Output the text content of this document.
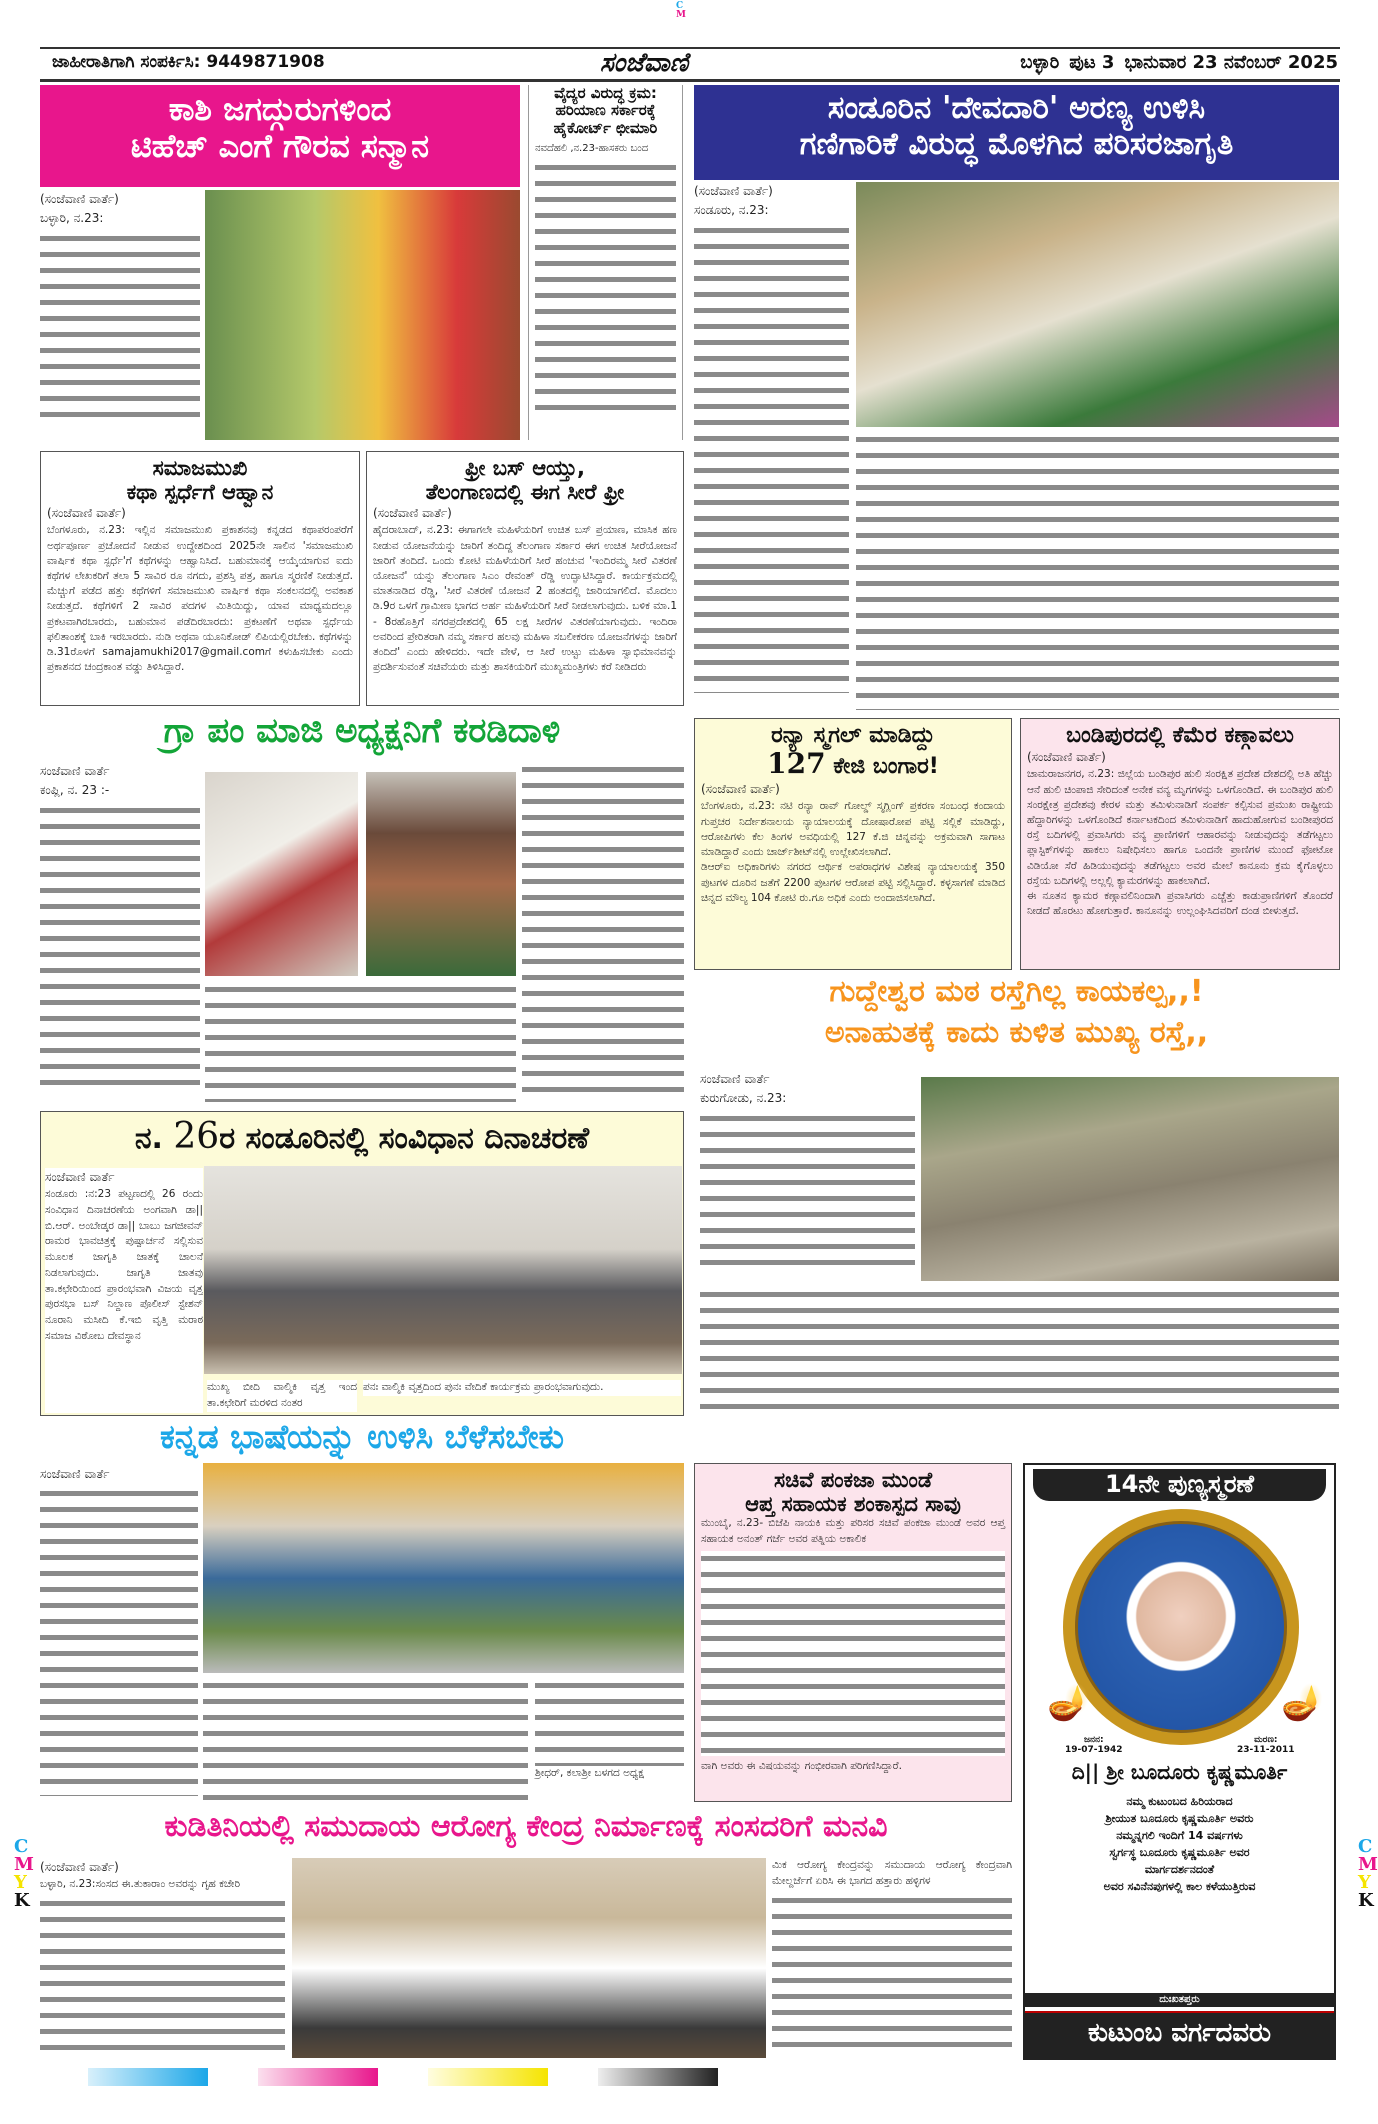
C
M
C
M
Y
K
C
M
Y
K
ಜಾಹೀರಾತಿಗಾಗಿ ಸಂಪರ್ಕಿಸಿ: 9449871908	ಸಂಜೆವಾಣಿ	ಬಳ್ಳಾರಿ ಪುಟ 3 ಭಾನುವಾರ 23 ನವೆಂಬರ್ 2025
ಕಾಶಿ ಜಗದ್ಗುರುಗಳಿಂದ
ಟಿಹೆಚ್ ಎಂಗೆ ಗೌರವ ಸನ್ಮಾನ
(ಸಂಜೆವಾಣಿ ವಾರ್ತೆ)
ಬಳ್ಳಾರಿ, ನ.23:
ವೈದ್ಯರ ವಿರುದ್ಧ ಕ್ರಮ: ಹರಿಯಾಣ ಸರ್ಕಾರಕ್ಕೆ ಹೈಕೋರ್ಟ್ ಛೀಮಾರಿ
ನವದೆಹಲಿ ,ನ.23-ಹಾಸಕರು ಬಂದ
ಸಂಡೂರಿನ 'ದೇವದಾರಿ' ಅರಣ್ಯ ಉಳಿಸಿ
ಗಣಿಗಾರಿಕೆ ವಿರುದ್ಧ ಮೊಳಗಿದ ಪರಿಸರಜಾಗೃತಿ
(ಸಂಜೆವಾಣಿ ವಾರ್ತೆ)
ಸಂಡೂರು, ನ.23:
ಸಮಾಜಮುಖಿ
ಕಥಾ ಸ್ಪರ್ಧೆಗೆ ಆಹ್ವಾನ
(ಸಂಜೆವಾಣಿ ವಾರ್ತೆ)
ಬೆಂಗಳೂರು, ನ.23: ಇಲ್ಲಿನ ಸಮಾಜಮುಖಿ ಪ್ರಕಾಶನವು ಕನ್ನಡದ ಕಥಾಪರಂಪರೆಗೆ ಅರ್ಥಪೂರ್ಣ ಪ್ರಚೋದನೆ ನೀಡುವ ಉದ್ದೇಶದಿಂದ 2025ನೇ ಸಾಲಿನ 'ಸಮಾಜಮುಖಿ ವಾರ್ಷಿಕ ಕಥಾ ಸ್ಪರ್ಧೆ'ಗೆ ಕಥೆಗಳನ್ನು ಆಹ್ವಾನಿಸಿದೆ. ಬಹುಮಾನಕ್ಕೆ ಆಯ್ಕೆಯಾಗುವ ಐದು ಕಥೆಗಳ ಲೇಖಕರಿಗೆ ತಲಾ 5 ಸಾವಿರ ರೂ ನಗದು, ಪ್ರಶಸ್ತಿ ಪತ್ರ, ಹಾಗೂ ಸ್ಮರಣಿಕೆ ನೀಡುತ್ತದೆ. ಮೆಚ್ಚುಗೆ ಪಡೆದ ಹತ್ತು ಕಥೆಗಳಿಗೆ ಸಮಾಜಮುಖಿ ವಾರ್ಷಿಕ ಕಥಾ ಸಂಕಲನದಲ್ಲಿ ಅವಕಾಶ ನೀಡುತ್ತದೆ. ಕಥೆಗಳಿಗೆ 2 ಸಾವಿರ ಪದಗಳ ಮಿತಿಯಿದ್ದು, ಯಾವ ಮಾಧ್ಯಮದಲ್ಲೂ ಪ್ರಕಟವಾಗಿರಬಾರದು, ಬಹುಮಾನ ಪಡೆದಿರಬಾರದು: ಪ್ರಕಟಣೆಗೆ ಅಥವಾ ಸ್ಪರ್ಧೆಯ ಫಲಿತಾಂಶಕ್ಕೆ ಬಾಕಿ ಇರಬಾರದು. ನುಡಿ ಅಥವಾ ಯೂನಿಕೋಡ್ ಲಿಪಿಯಲ್ಲಿರಬೇಕು. ಕಥೆಗಳನ್ನು ಡಿ.31ರೊಳಗೆ samajamukhi2017@gmail.comಗೆ ಕಳುಹಿಸಬೇಕು ಎಂದು ಪ್ರಕಾಶನದ ಚಂದ್ರಕಾಂತ ವಡ್ಡು ತಿಳಿಸಿದ್ದಾರೆ.
ಫ್ರೀ ಬಸ್ ಆಯ್ತು,
ತೆಲಂಗಾಣದಲ್ಲಿ ಈಗ ಸೀರೆ ಫ್ರೀ
(ಸಂಜೆವಾಣಿ ವಾರ್ತೆ)
ಹೈದರಾಬಾದ್, ನ.23: ಈಗಾಗಲೇ ಮಹಿಳೆಯರಿಗೆ ಉಚಿತ ಬಸ್ ಪ್ರಯಾಣ, ಮಾಸಿಕ ಹಣ ನೀಡುವ ಯೋಜನೆಯನ್ನು ಜಾರಿಗೆ ತಂದಿದ್ದ ತೆಲಂಗಾಣ ಸರ್ಕಾರ ಈಗ ಉಚಿತ ಸೀರೆಯೋಜನೆ ಜಾರಿಗೆ ತಂದಿದೆ. ಒಂದು ಕೋಟಿ ಮಹಿಳೆಯರಿಗೆ ಸೀರೆ ಹಂಚುವ 'ಇಂದಿರಮ್ಮ ಸೀರೆ ವಿತರಣೆ ಯೋಜನೆ' ಯನ್ನು ತೆಲಂಗಾಣ ಸಿಎಂ ರೇವಂತ್ ರೆಡ್ಡಿ ಉದ್ಘಾಟಿಸಿದ್ದಾರೆ. ಕಾರ್ಯಕ್ರಮದಲ್ಲಿ ಮಾತನಾಡಿದ ರೆಡ್ಡಿ, 'ಸೀರೆ ವಿತರಣೆ ಯೋಜನೆ 2 ಹಂತದಲ್ಲಿ ಜಾರಿಯಾಗಲಿದೆ. ಮೊದಲು ಡಿ.9ರ ಒಳಗೆ ಗ್ರಾಮೀಣ ಭಾಗದ ಅರ್ಹ ಮಹಿಳೆಯರಿಗೆ ಸೀರೆ ನೀಡಲಾಗುವುದು. ಬಳಿಕ ಮಾ.1 - 8ರಹೊತ್ತಿಗೆ ನಗರಪ್ರದೇಶದಲ್ಲಿ 65 ಲಕ್ಷ ಸೀರೆಗಳ ವಿತರಣೆಯಾಗುವುದು. ಇಂದಿರಾ ಅವರಿಂದ ಪ್ರೇರಿತರಾಗಿ ನಮ್ಮ ಸರ್ಕಾರ ಹಲವು ಮಹಿಳಾ ಸಬಲೀಕರಣ ಯೋಜನೆಗಳನ್ನು ಜಾರಿಗೆ ತಂದಿದೆ' ಎಂದು ಹೇಳಿದರು. ಇದೇ ವೇಳೆ, ಆ ಸೀರೆ ಉಟ್ಟು ಮಹಿಳಾ ಸ್ವಾಭಿಮಾನವನ್ನು ಪ್ರದರ್ಶಿಸುವಂತೆ ಸಚಿವೆಯರು ಮತ್ತು ಶಾಸಕಿಯರಿಗೆ ಮುಖ್ಯಮಂತ್ರಿಗಳು ಕರೆ ನೀಡಿದರು
ಗ್ರಾ ಪಂ ಮಾಜಿ ಅಧ್ಯಕ್ಷನಿಗೆ ಕರಡಿದಾಳಿ
ಸಂಜೆವಾಣಿ ವಾರ್ತೆ
ಕಂಪ್ಲಿ, ನ. 23 :-
ರನ್ಯಾ ಸ್ಮಗಲ್ ಮಾಡಿದ್ದು
127 ಕೇಜಿ ಬಂಗಾರ!
(ಸಂಜೆವಾಣಿ ವಾರ್ತೆ)
ಬೆಂಗಳೂರು, ನ.23: ನಟಿ ರನ್ಯಾ ರಾವ್ ಗೋಲ್ಡ್ ಸ್ಮಗ್ಲಿಂಗ್ ಪ್ರಕರಣ ಸಂಬಂಧ ಕಂದಾಯ ಗುಪ್ತಚರ ನಿರ್ದೇಶನಾಲಯ ನ್ಯಾಯಾಲಯಕ್ಕೆ ದೋಷಾರೋಪ ಪಟ್ಟಿ ಸಲ್ಲಿಕೆ ಮಾಡಿದ್ದು, ಆರೋಪಿಗಳು ಕೆಲ ತಿಂಗಳ ಅವಧಿಯಲ್ಲಿ 127 ಕೆ.ಜಿ ಚಿನ್ನವನ್ನು ಅಕ್ರಮವಾಗಿ ಸಾಗಾಟ ಮಾಡಿದ್ದಾರೆ ಎಂದು ಚಾರ್ಜ್‌ಶೀಟ್‌ನಲ್ಲಿ ಉಲ್ಲೇಖಿಸಲಾಗಿದೆ.
ಡಿಆರ್‌ಐ ಅಧಿಕಾರಿಗಳು ನಗರದ ಆರ್ಥಿಕ ಅಪರಾಧಗಳ ವಿಶೇಷ ನ್ಯಾಯಾಲಯಕ್ಕೆ 350 ಪುಟಗಳ ದೂರಿನ ಜತೆಗೆ 2200 ಪುಟಗಳ ಆರೋಪ ಪಟ್ಟಿ ಸಲ್ಲಿಸಿದ್ದಾರೆ. ಕಳ್ಳಸಾಗಣೆ ಮಾಡಿದ ಚಿನ್ನದ ಮೌಲ್ಯ 104 ಕೋಟಿ ರು.ಗೂ ಅಧಿಕ ಎಂದು ಅಂದಾಜಿಸಲಾಗಿದೆ.
ಬಂಡಿಪುರದಲ್ಲಿ ಕೆಮೆರ ಕಣ್ಗಾವಲು
(ಸಂಜೆವಾಣಿ ವಾರ್ತೆ)
ಚಾಮರಾಜನಗರ, ನ.23: ಜಿಲ್ಲೆಯ ಬಂಡಿಪುರ ಹುಲಿ ಸಂರಕ್ಷಿತ ಪ್ರದೇಶ ದೇಶದಲ್ಲಿ ಅತಿ ಹೆಚ್ಚು ಆನೆ ಹುಲಿ ಚಿಂಪಾಜಿ ಸೇರಿದಂತೆ ಅನೇಕ ವನ್ಯ ಮೃಗಗಳನ್ನು ಒಳಗೊಂಡಿದೆ. ಈ ಬಂಡಿಪುರ ಹುಲಿ ಸಂರಕ್ಷೇತ್ರ ಪ್ರದೇಶವು ಕೇರಳ ಮತ್ತು ತಮಿಳುನಾಡಿಗೆ ಸಂಪರ್ಕ ಕಲ್ಪಿಸುವ ಪ್ರಮುಖ ರಾಷ್ಟ್ರೀಯ ಹೆದ್ದಾರಿಗಳನ್ನು ಒಳಗೊಂಡಿದೆ ಕರ್ನಾಟಕದಿಂದ ತಮಿಳುನಾಡಿಗೆ ಹಾದುಹೋಗುವ ಬಂಡೀಪುರದ ರಸ್ತೆ ಬದಿಗಳಲ್ಲಿ ಪ್ರವಾಸಿಗರು ವನ್ಯ ಪ್ರಾಣಿಗಳಿಗೆ ಆಹಾರವನ್ನು ನೀಡುವುದನ್ನು ತಡೆಗಟ್ಟಲು ಪ್ಲಾಸ್ಟಿಕ್‌ಗಳನ್ನು ಹಾಕಲು ನಿಷೇಧಿಸಲು ಹಾಗೂ ಒಂದನೇ ಪ್ರಾಣಿಗಳ ಮುಂದೆ ಫೋಟೋ ವಿಡಿಯೋ ಸೆರೆ ಹಿಡಿಯುವುದನ್ನು ತಡೆಗಟ್ಟಲು ಅವರ ಮೇಲೆ ಕಾನೂನು ಕ್ರಮ ಕೈಗೊಳ್ಳಲು ರಸ್ತೆಯ ಬದಿಗಳಲ್ಲಿ ಅಲ್ಲಲ್ಲಿ ಕ್ಯಾಮರಗಳನ್ನು ಹಾಕಲಾಗಿದೆ.
ಈ ನೂತನ ಕ್ಯಾಮರ ಕಣ್ಗಾವಲಿನಿಂದಾಗಿ ಪ್ರವಾಸಿಗರು ಎಚ್ಚೆತ್ತು ಕಾಡುಪ್ರಾಣಿಗಳಿಗೆ ತೊಂದರೆ ನೀಡದೆ ಹೊರಟು ಹೋಗುತ್ತಾರೆ. ಕಾನೂನನ್ನು ಉಲ್ಲಂಘಿಸಿದವರಿಗೆ ದಂಡ ಬೀಳುತ್ತದೆ.
ಗುದ್ದೇಶ್ವರ ಮಠ ರಸ್ತೆಗಿಲ್ಲ ಕಾಯಕಲ್ಪ,,!
ಅನಾಹುತಕ್ಕೆ ಕಾದು ಕುಳಿತ ಮುಖ್ಯ ರಸ್ತೆ,,
ಸಂಜೆವಾಣಿ ವಾರ್ತೆ
ಕುರುಗೋಡು, ನ.23:
ನ. 26ರ ಸಂಡೂರಿನಲ್ಲಿ ಸಂವಿಧಾನ ದಿನಾಚರಣೆ
ಸಂಜೆವಾಣಿ ವಾರ್ತೆ
ಸಂಡೂರು :ನ:23 ಪಟ್ಟಣದಲ್ಲಿ 26 ರಂದು ಸಂವಿಧಾನ ದಿನಾಚರಣೆಯ ಅಂಗವಾಗಿ ಡಾ|| ಬಿ.ಆರ್. ಅಂಬೇಡ್ಕರ ಡಾ|| ಬಾಬು ಜಗಜೀವನ್ ರಾಮರ ಭಾವಚಿತ್ರಕ್ಕೆ ಪುಷ್ಪಾರ್ಚನೆ ಸಲ್ಲಿಸುವ ಮೂಲಕ ಜಾಗೃತಿ ಜಾತಕ್ಕೆ ಚಾಲನೆ ನಿಡಲಾಗುವುದು. ಜಾಗೃತಿ ಜಾತವು ತಾ.ಕಛೇರಿಯಿಂದ ಪ್ರಾರಂಭವಾಗಿ ವಿಜಯ ವೃತ್ತ ಪುರಸಭಾ ಬಸ್ ನಿಲ್ದಾಣ ಪೊಲೀಸ್ ಸ್ಟೇಶನ್ ನೂರಾನಿ ಮಸೀದಿ ಕೆ.ಇಬಿ ವೃತ್ತಿ ಮರಾಠ ಸಮಾಜ ವಿಠೋಬ ದೇವಸ್ಥಾನ
ಮುಖ್ಯ ಬೀದಿ ವಾಲ್ಮಿಕಿ ವೃತ್ತ ಇಂದ ತಾ.ಕಛೇರಿಗೆ ಮರಳಿದ ನಂತರ
ಪನಃ ವಾಲ್ಮಿಕಿ ವೃತ್ತದಿಂದ ಪುನಃ ವೇದಿಕೆ ಕಾರ್ಯಕ್ರಮ ಪ್ರಾರಂಭವಾಗುವುದು.
ಕನ್ನಡ ಭಾಷೆಯನ್ನು ಉಳಿಸಿ ಬೆಳೆಸಬೇಕು
ಸಂಜೆವಾಣಿ ವಾರ್ತೆ
ಶ್ರೀಧರ್, ಕಲಾಶ್ರೀ ಬಳಗದ ಅಧ್ಯಕ್ಷ
ಸಚಿವೆ ಪಂಕಜಾ ಮುಂಡೆ
ಆಪ್ತ ಸಹಾಯಕ ಶಂಕಾಸ್ಪದ ಸಾವು
ಮುಂಬೈ, ನ.23- ಬಿಜೆಪಿ ನಾಯಕಿ ಮತ್ತು ಪರಿಸರ ಸಚಿವೆ ಪಂಕಜಾ ಮುಂಡೆ ಅವರ ಆಪ್ತ ಸಹಾಯಕ ಅನಂತ್ ಗರ್ಜೆ ಅವರ ಪತ್ನಿಯ ಅಕಾಲಿಕ
ವಾಗಿ ಅವರು ಈ ವಿಷಯವನ್ನು ಗಂಭೀರವಾಗಿ ಪರಿಗಣಿಸಿದ್ದಾರೆ.
14ನೇ ಪುಣ್ಯಸ್ಮರಣೆ
🪔	🪔
ಜನನ:
19-07-1942
ಮರಣ:
23-11-2011
ದಿ|| ಶ್ರೀ ಬೂದೂರು ಕೃಷ್ಣಮೂರ್ತಿ
ನಮ್ಮ ಕುಟುಂಬದ ಹಿರಿಯರಾದ
ಶ್ರೀಯುತ ಬೂದೂರು ಕೃಷ್ಣಮೂರ್ತಿ ಅವರು
ನಮ್ಮನ್ನಗಲಿ ಇಂದಿಗೆ 14 ವರ್ಷಗಳು
ಸ್ವರ್ಗಸ್ಥ ಬೂದೂರು ಕೃಷ್ಣಮೂರ್ತಿ ಅವರ
ಮಾರ್ಗದರ್ಶನದಂತೆ
ಅವರ ಸವಿನೆನಪುಗಳಲ್ಲಿ ಕಾಲ ಕಳೆಯುತ್ತಿರುವ
ದುಃಖತಪ್ತರು
ಕುಟುಂಬ ವರ್ಗದವರು
ಕುಡಿತಿನಿಯಲ್ಲಿ ಸಮುದಾಯ ಆರೋಗ್ಯ ಕೇಂದ್ರ ನಿರ್ಮಾಣಕ್ಕೆ ಸಂಸದರಿಗೆ ಮನವಿ
(ಸಂಜೆವಾಣಿ ವಾರ್ತೆ)
ಬಳ್ಳಾರಿ, ನ.23:ಸಂಸದ ಈ.ತುಕಾರಾಂ ಅವರನ್ನು ಗೃಹ ಕಚೇರಿ
ಮಿಕ ಆರೋಗ್ಯ ಕೇಂದ್ರವನ್ನು ಸಮುದಾಯ ಆರೋಗ್ಯ ಕೇಂದ್ರವಾಗಿ ಮೇಲ್ದರ್ಜೆಗೆ ಏರಿಸಿ ಈ ಭಾಗದ ಹತ್ತಾರು ಹಳ್ಳಿಗಳ
